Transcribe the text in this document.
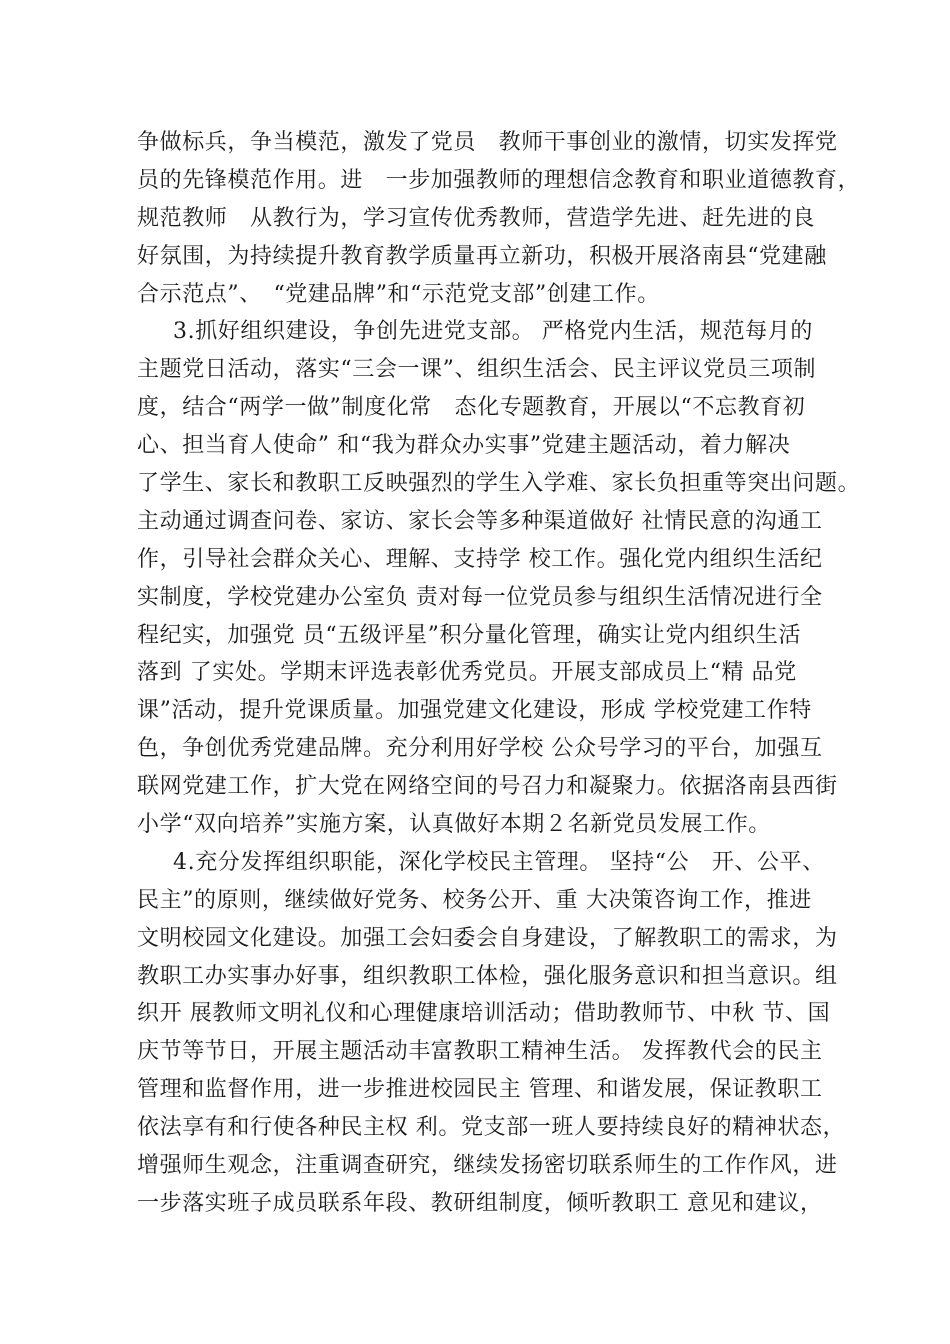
争做标兵，争当模范，激发了党员　教师干事创业的激情，切实发挥党
员的先锋模范作用。进　一步加强教师的理想信念教育和职业道德教育，
规范教师　从教行为，学习宣传优秀教师，营造学先进、赶先进的良
好氛围，为持续提升教育教学质量再立新功，积极开展洛南县“党建融
合示范点”、　“党建品牌”和“示范党支部”创建工作。
3.抓好组织建设，争创先进党支部。 严格党内生活，规范每月的
主题党日活动，落实“三会一课”、组织生活会、民主评议党员三项制
度，结合“两学一做”制度化常　态化专题教育，开展以“不忘教育初
心、担当育人使命” 和“我为群众办实事”党建主题活动，着力解决
了学生、家长和教职工反映强烈的学生入学难、家长负担重等突出问题。
主动通过调查问卷、家访、家长会等多种渠道做好 社情民意的沟通工
作，引导社会群众关心、理解、支持学 校工作。强化党内组织生活纪
实制度，学校党建办公室负 责对每一位党员参与组织生活情况进行全
程纪实，加强党 员“五级评星”积分量化管理，确实让党内组织生活
落到 了实处。学期末评选表彰优秀党员。开展支部成员上“精 品党
课”活动，提升党课质量。加强党建文化建设，形成 学校党建工作特
色，争创优秀党建品牌。充分利用好学校 公众号学习的平台，加强互
联网党建工作，扩大党在网络空间的号召力和凝聚力。依据洛南县西街
小学“双向培养”实施方案，认真做好本期２名新党员发展工作。
4.充分发挥组织职能，深化学校民主管理。 坚持“公　开、公平、
民主”的原则，继续做好党务、校务公开、重 大决策咨询工作，推进
文明校园文化建设。加强工会妇委会自身建设，了解教职工的需求，为
教职工办实事办好事，组织教职工体检，强化服务意识和担当意识。组
织开 展教师文明礼仪和心理健康培训活动；借助教师节、中秋 节、国
庆节等节日，开展主题活动丰富教职工精神生活。 发挥教代会的民主
管理和监督作用，进一步推进校园民主 管理、和谐发展，保证教职工
依法享有和行使各种民主权 利。党支部一班人要持续良好的精神状态，
增强师生观念，注重调查研究，继续发扬密切联系师生的工作作风，进
一步落实班子成员联系年段、教研组制度，倾听教职工 意见和建议，
